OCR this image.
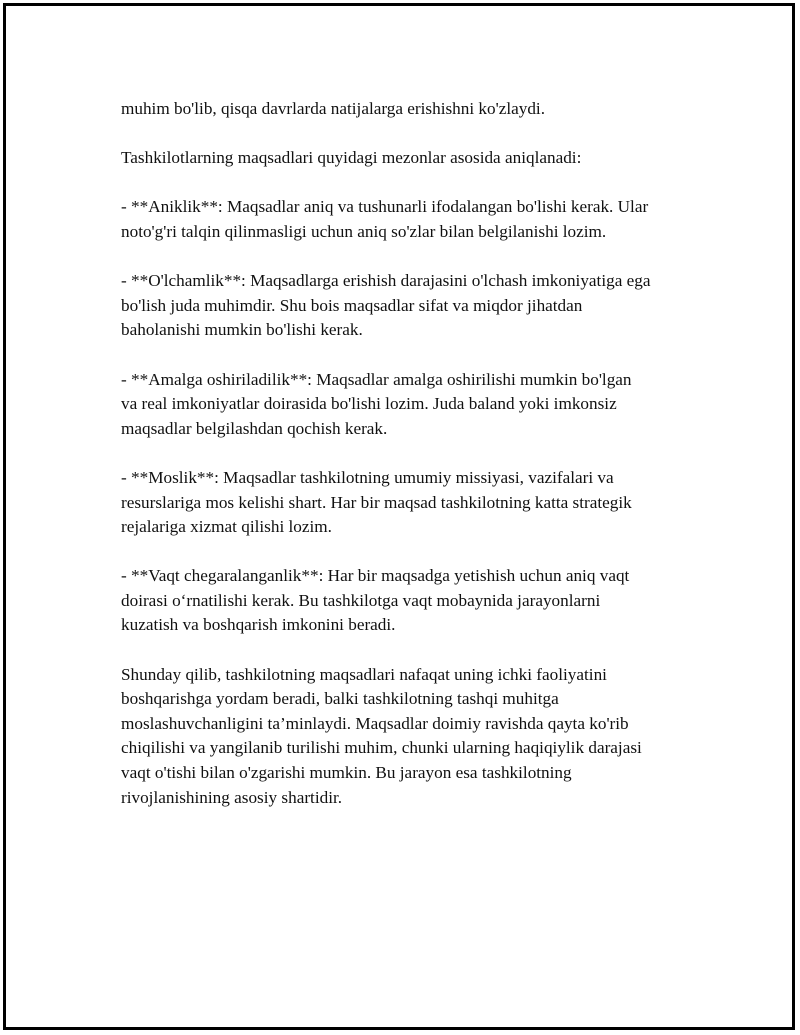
muhim bo'lib, qisqa davrlarda natijalarga erishishni ko'zlaydi.

Tashkilotlarning maqsadlari quyidagi mezonlar asosida aniqlanadi:

- **Aniklik**: Maqsadlar aniq va tushunarli ifodalangan bo'lishi kerak. Ular
noto'g'ri talqin qilinmasligi uchun aniq so'zlar bilan belgilanishi lozim.

- **O'lchamlik**: Maqsadlarga erishish darajasini o'lchash imkoniyatiga ega
bo'lish juda muhimdir. Shu bois maqsadlar sifat va miqdor jihatdan
baholanishi mumkin bo'lishi kerak.

- **Amalga oshiriladilik**: Maqsadlar amalga oshirilishi mumkin bo'lgan
va real imkoniyatlar doirasida bo'lishi lozim. Juda baland yoki imkonsiz
maqsadlar belgilashdan qochish kerak.

- **Moslik**: Maqsadlar tashkilotning umumiy missiyasi, vazifalari va
resurslariga mos kelishi shart. Har bir maqsad tashkilotning katta strategik
rejalariga xizmat qilishi lozim.

- **Vaqt chegaralanganlik**: Har bir maqsadga yetishish uchun aniq vaqt
doirasi o‘rnatilishi kerak. Bu tashkilotga vaqt mobaynida jarayonlarni
kuzatish va boshqarish imkonini beradi.

Shunday qilib, tashkilotning maqsadlari nafaqat uning ichki faoliyatini
boshqarishga yordam beradi, balki tashkilotning tashqi muhitga
moslashuvchanligini ta’minlaydi. Maqsadlar doimiy ravishda qayta ko'rib
chiqilishi va yangilanib turilishi muhim, chunki ularning haqiqiylik darajasi
vaqt o'tishi bilan o'zgarishi mumkin. Bu jarayon esa tashkilotning
rivojlanishining asosiy shartidir.
